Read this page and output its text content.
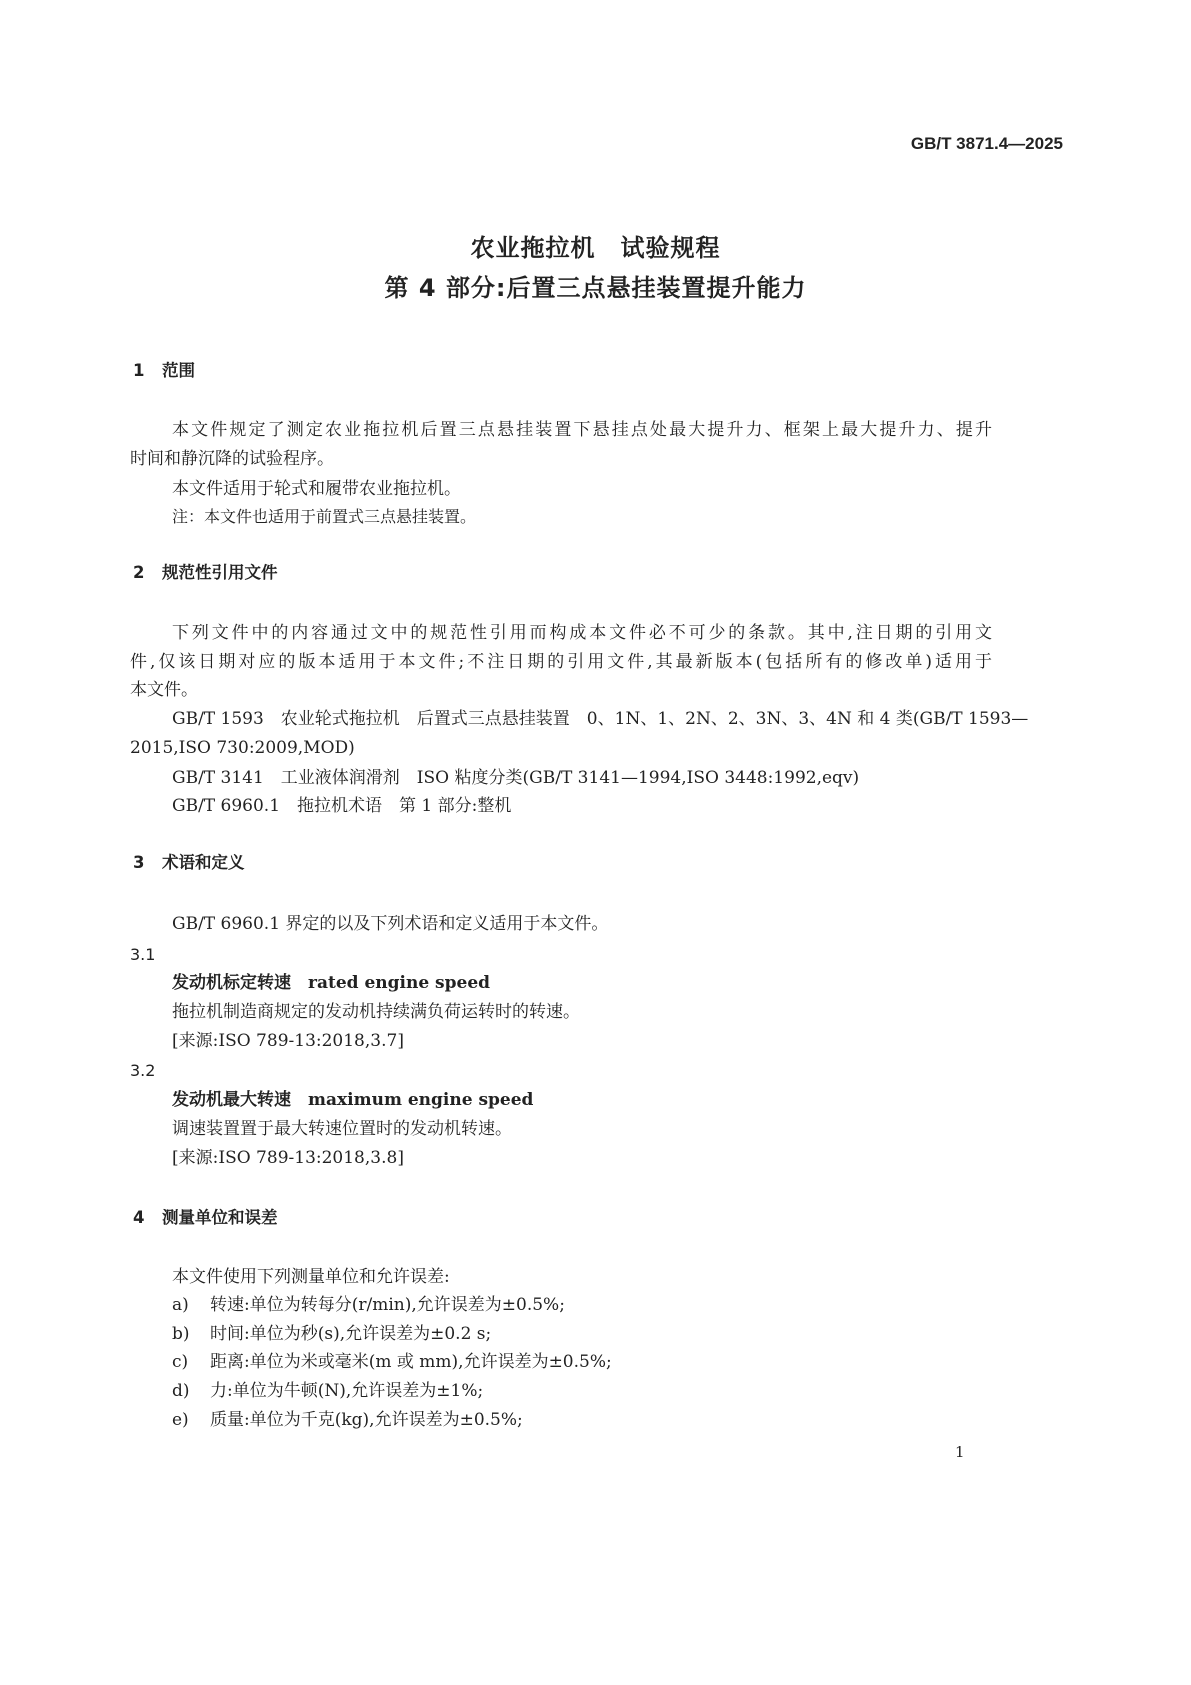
GB/T 3871.4—2025
农业拖拉机　试验规程
第 4 部分:后置三点悬挂装置提升能力
1 范围
本文件规定了测定农业拖拉机后置三点悬挂装置下悬挂点处最大提升力、框架上最大提升力、提升
时间和静沉降的试验程序。
本文件适用于轮式和履带农业拖拉机。
注：本文件也适用于前置式三点悬挂装置。
2 规范性引用文件
下列文件中的内容通过文中的规范性引用而构成本文件必不可少的条款。其中,注日期的引用文
件,仅该日期对应的版本适用于本文件;不注日期的引用文件,其最新版本(包括所有的修改单)适用于
本文件。
GB/T 1593　农业轮式拖拉机　后置式三点悬挂装置　0、1N、1、2N、2、3N、3、4N 和 4 类(GB/T 1593—
2015,ISO 730:2009,MOD)
GB/T 3141　工业液体润滑剂　ISO 粘度分类(GB/T 3141—1994,ISO 3448:1992,eqv)
GB/T 6960.1　拖拉机术语　第 1 部分:整机
3 术语和定义
GB/T 6960.1 界定的以及下列术语和定义适用于本文件。
3.1
发动机标定转速　rated engine speed
拖拉机制造商规定的发动机持续满负荷运转时的转速。
[来源:ISO 789-13:2018,3.7]
3.2
发动机最大转速　maximum engine speed
调速装置置于最大转速位置时的发动机转速。
[来源:ISO 789-13:2018,3.8]
4 测量单位和误差
本文件使用下列测量单位和允许误差:
a) 转速:单位为转每分(r/min),允许误差为±0.5%;
b) 时间:单位为秒(s),允许误差为±0.2 s;
c) 距离:单位为米或毫米(m 或 mm),允许误差为±0.5%;
d) 力:单位为牛顿(N),允许误差为±1%;
e) 质量:单位为千克(kg),允许误差为±0.5%;
1
